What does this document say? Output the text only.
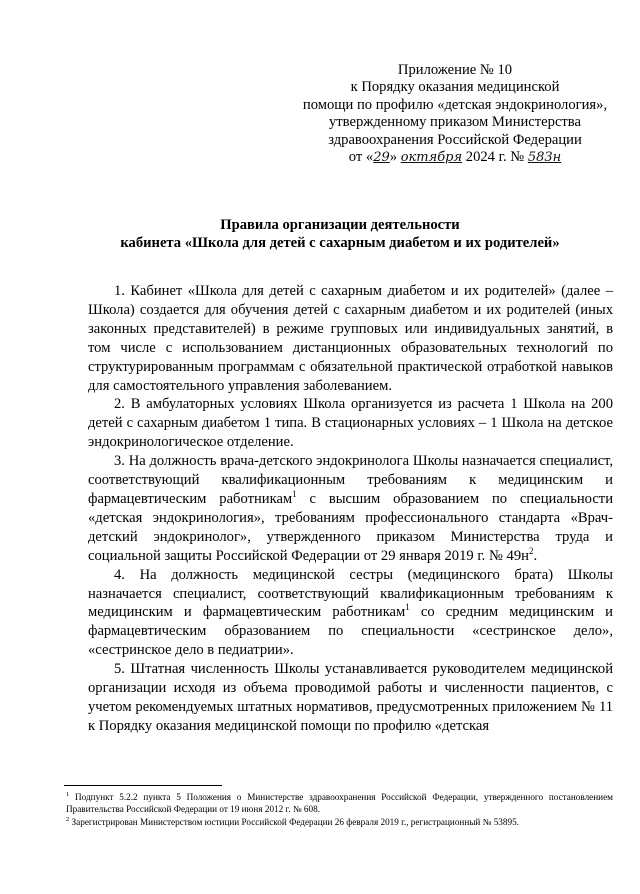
Приложение № 10
к Порядку оказания медицинской
помощи по профилю «детская эндокринология»,
утвержденному приказом Министерства
здравоохранения Российской Федерации
от «29» октября 2024 г. № 583н
Правила организации деятельности
кабинета «Школа для детей с сахарным диабетом и их родителей»

1. Кабинет «Школа для детей с сахарным диабетом и их родителей» (далее – Школа) создается для обучения детей с сахарным диабетом и их родителей (иных законных представителей) в режиме групповых или индивидуальных занятий, в том числе с использованием дистанционных образовательных технологий по структурированным программам с обязательной практической отработкой навыков для самостоятельного управления заболеванием.

2. В амбулаторных условиях Школа организуется из расчета 1 Школа на 200 детей с сахарным диабетом 1 типа. В стационарных условиях – 1 Школа на детское эндокринологическое отделение.

3. На должность врача-детского эндокринолога Школы назначается специалист, соответствующий квалификационным требованиям к медицинским и фармацевтическим работникам$^1$ с высшим образованием по специальности «детская эндокринология», требованиям профессионального стандарта «Врач-детский эндокринолог», утвержденного приказом Министерства труда и социальной защиты Российской Федерации от 29 января 2019 г. № $49н^2$.

4. На должность медицинской сестры (медицинского брата) Школы назначается специалист, соответствующий квалификационным требованиям к медицинским и фармацевтическим работникам$^1$ со средним медицинским и фармацевтическим образованием по специальности «сестринское дело», «сестринское дело в педиатрии».

5. Штатная численность Школы устанавливается руководителем медицинской организации исходя из объема проводимой работы и численности пациентов, с учетом рекомендуемых штатных нормативов, предусмотренных приложением № 11 к Порядку оказания медицинской помощи по профилю «детская

$^1$ Подпункт 5.2.2 пункта 5 Положения о Министерстве здравоохранения Российской Федерации, утвержденного постановлением Правительства Российской Федерации от 19 июня 2012 г. № 608.

$^2$ Зарегистрирован Министерством юстиции Российской Федерации 26 февраля 2019 г., регистрационный № 53895.
